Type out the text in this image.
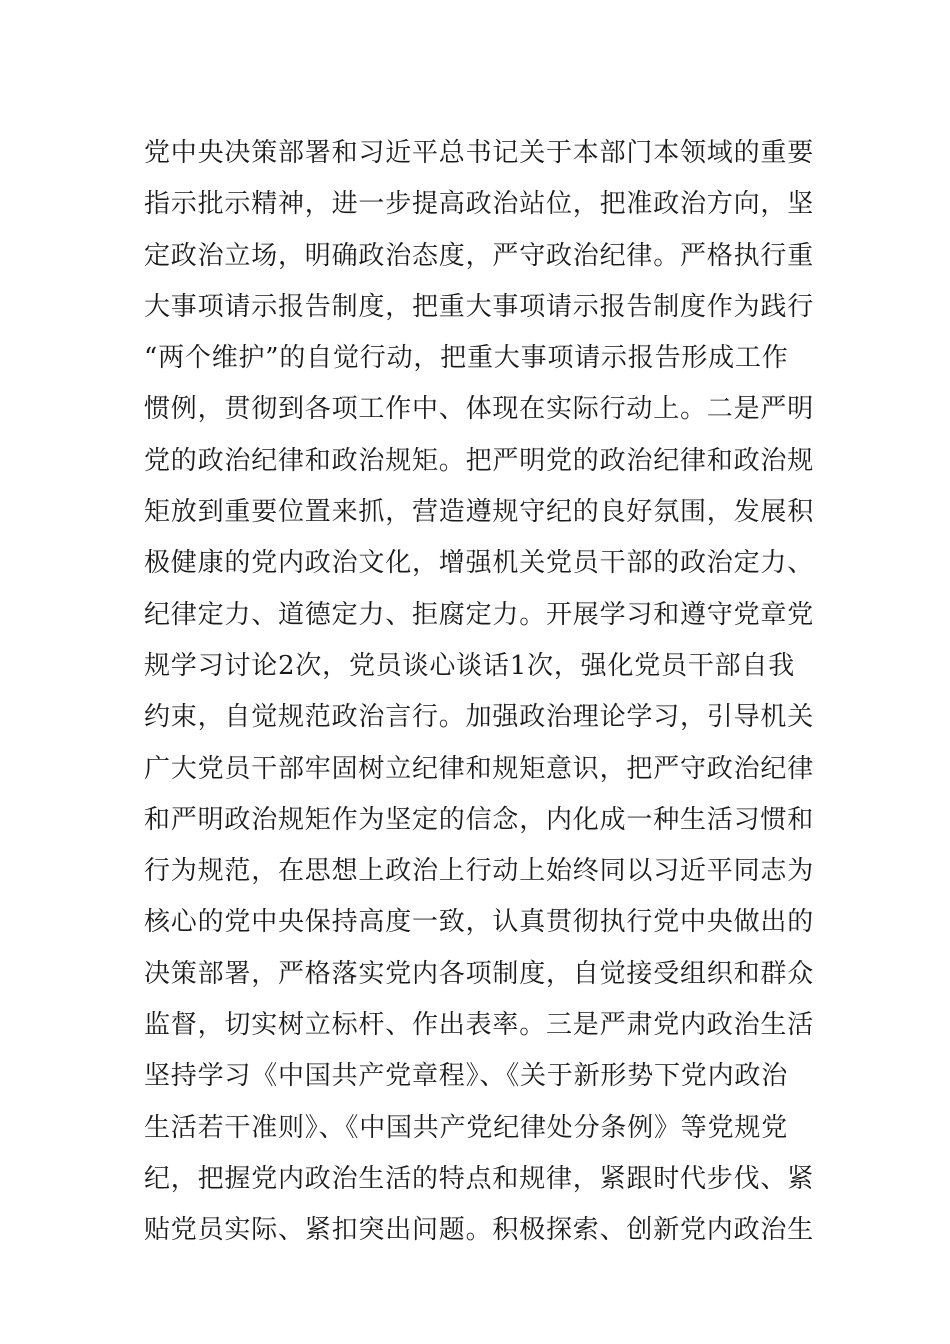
党中央决策部署和习近平总书记关于本部门本领域的重要
指示批示精神，进一步提高政治站位，把准政治方向，坚
定政治立场，明确政治态度，严守政治纪律。严格执行重
大事项请示报告制度，把重大事项请示报告制度作为践行
“两个维护”的自觉行动，把重大事项请示报告形成工作
惯例，贯彻到各项工作中、体现在实际行动上。二是严明
党的政治纪律和政治规矩。把严明党的政治纪律和政治规
矩放到重要位置来抓，营造遵规守纪的良好氛围，发展积
极健康的党内政治文化，增强机关党员干部的政治定力、
纪律定力、道德定力、拒腐定力。开展学习和遵守党章党
规学习讨论2次，党员谈心谈话1次，强化党员干部自我
约束，自觉规范政治言行。加强政治理论学习，引导机关
广大党员干部牢固树立纪律和规矩意识，把严守政治纪律
和严明政治规矩作为坚定的信念，内化成一种生活习惯和
行为规范，在思想上政治上行动上始终同以习近平同志为
核心的党中央保持高度一致，认真贯彻执行党中央做出的
决策部署，严格落实党内各项制度，自觉接受组织和群众
监督，切实树立标杆、作出表率。三是严肃党内政治生活
坚持学习《中国共产党章程》、《关于新形势下党内政治
生活若干准则》、《中国共产党纪律处分条例》等党规党
纪，把握党内政治生活的特点和规律，紧跟时代步伐、紧
贴党员实际、紧扣突出问题。积极探索、创新党内政治生
